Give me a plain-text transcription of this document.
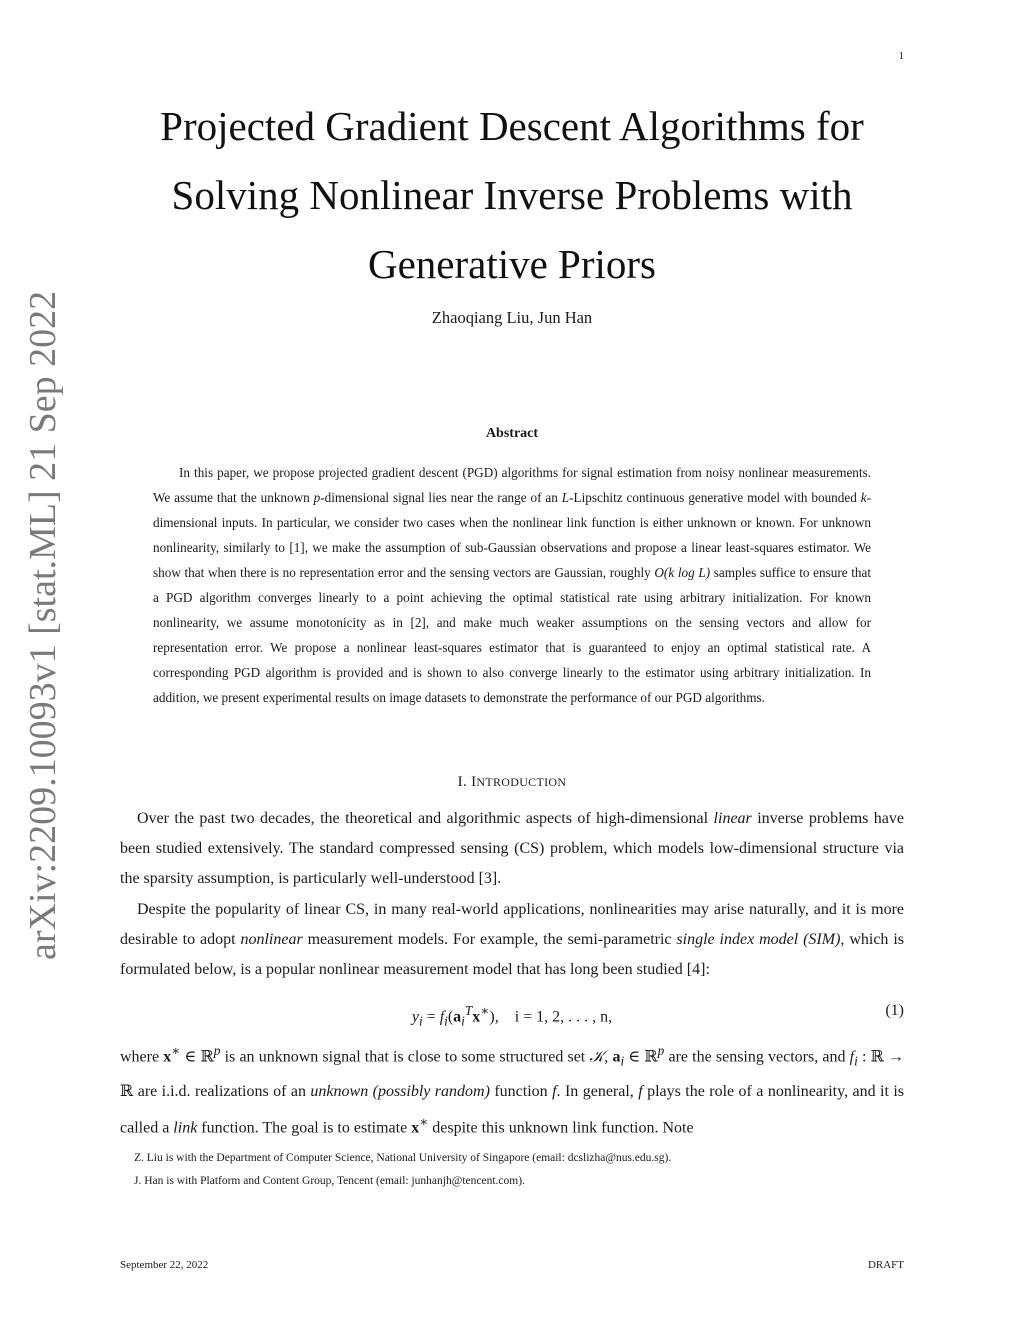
1
arXiv:2209.10093v1 [stat.ML] 21 Sep 2022
Projected Gradient Descent Algorithms for
Solving Nonlinear Inverse Problems with
Generative Priors
Zhaoqiang Liu, Jun Han
Abstract
In this paper, we propose projected gradient descent (PGD) algorithms for signal estimation from noisy nonlinear measurements. We assume that the unknown p-dimensional signal lies near the range of an L-Lipschitz continuous generative model with bounded k-dimensional inputs. In particular, we consider two cases when the nonlinear link function is either unknown or known. For unknown nonlinearity, similarly to [1], we make the assumption of sub-Gaussian observations and propose a linear least-squares estimator. We show that when there is no representation error and the sensing vectors are Gaussian, roughly O(k log L) samples suffice to ensure that a PGD algorithm converges linearly to a point achieving the optimal statistical rate using arbitrary initialization. For known nonlinearity, we assume monotonicity as in [2], and make much weaker assumptions on the sensing vectors and allow for representation error. We propose a nonlinear least-squares estimator that is guaranteed to enjoy an optimal statistical rate. A corresponding PGD algorithm is provided and is shown to also converge linearly to the estimator using arbitrary initialization. In addition, we present experimental results on image datasets to demonstrate the performance of our PGD algorithms.
I. INTRODUCTION
Over the past two decades, the theoretical and algorithmic aspects of high-dimensional linear inverse problems have been studied extensively. The standard compressed sensing (CS) problem, which models low-dimensional structure via the sparsity assumption, is particularly well-understood [3].
Despite the popularity of linear CS, in many real-world applications, nonlinearities may arise naturally, and it is more desirable to adopt nonlinear measurement models. For example, the semi-parametric single index model (SIM), which is formulated below, is a popular nonlinear measurement model that has long been studied [4]:
$y_i = f_i(a_i^Tx^∗)$,    i = 1, 2, . . . , n,	(1)
where x∗ ∈ ℝ$^p$ is an unknown signal that is close to some structured set 𝒦, $a_i$ ∈ ℝ$^p$ are the sensing vectors, and $f_i$ : ℝ → ℝ are i.i.d. realizations of an unknown (possibly random) function f. In general, f plays the role of a nonlinearity, and it is called a link function. The goal is to estimate x∗ despite this unknown link function. Note
Z. Liu is with the Department of Computer Science, National University of Singapore (email: dcslizha@nus.edu.sg).
J. Han is with Platform and Content Group, Tencent (email: junhanjh@tencent.com).
September 22, 2022	DRAFT
